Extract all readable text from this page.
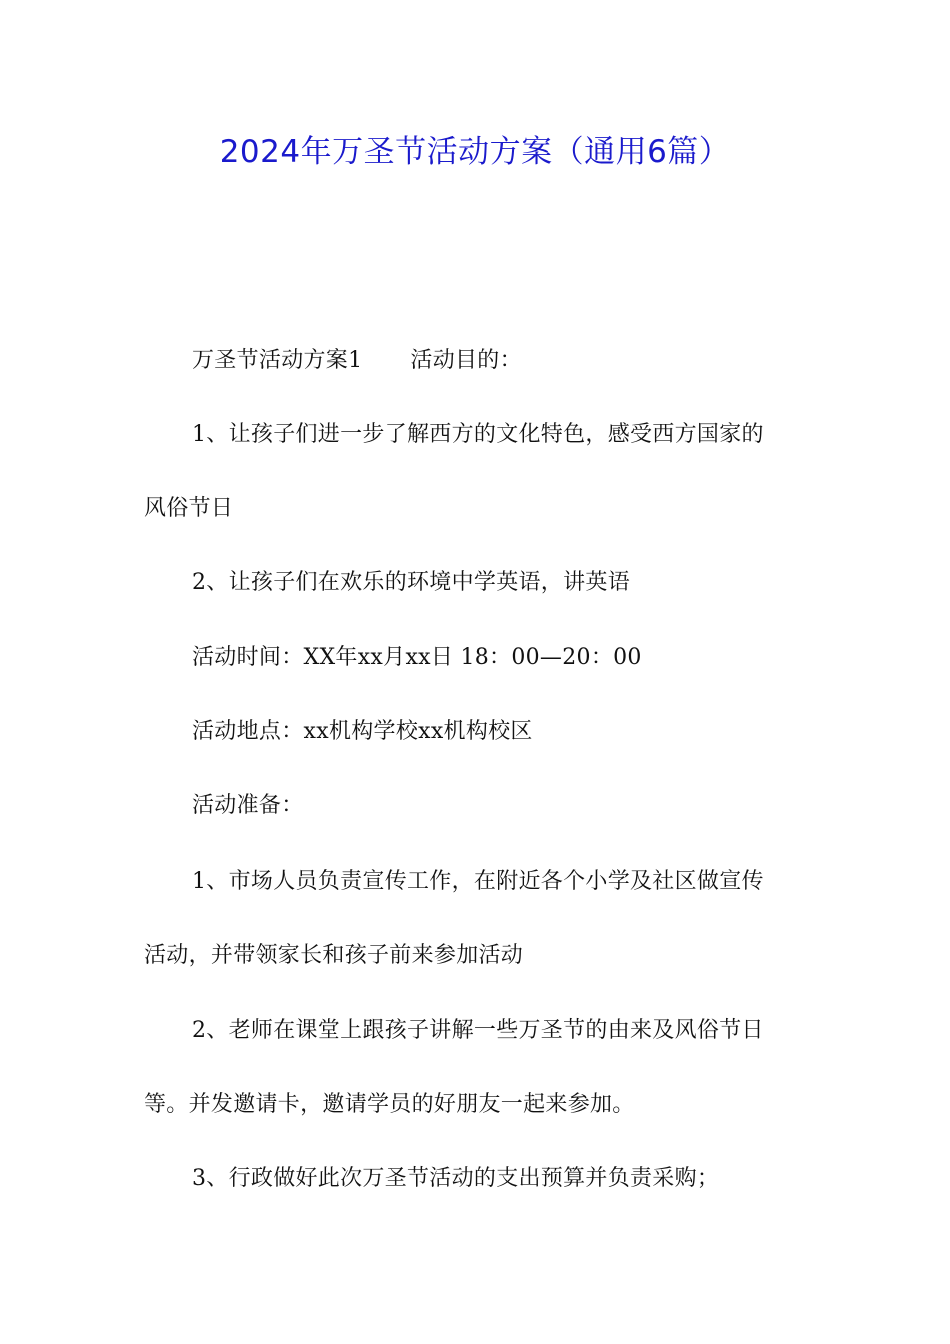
2024年万圣节活动方案（通用6篇）
万圣节活动方案1 活动目的：
1、让孩子们进一步了解西方的文化特色，感受西方国家的
风俗节日
2、让孩子们在欢乐的环境中学英语，讲英语
活动时间：XX年xx月xx日 18：00—20：00
活动地点：xx机构学校xx机构校区
活动准备：
1、市场人员负责宣传工作，在附近各个小学及社区做宣传
活动，并带领家长和孩子前来参加活动
2、老师在课堂上跟孩子讲解一些万圣节的由来及风俗节日
等。并发邀请卡，邀请学员的好朋友一起来参加。
3、行政做好此次万圣节活动的支出预算并负责采购；
